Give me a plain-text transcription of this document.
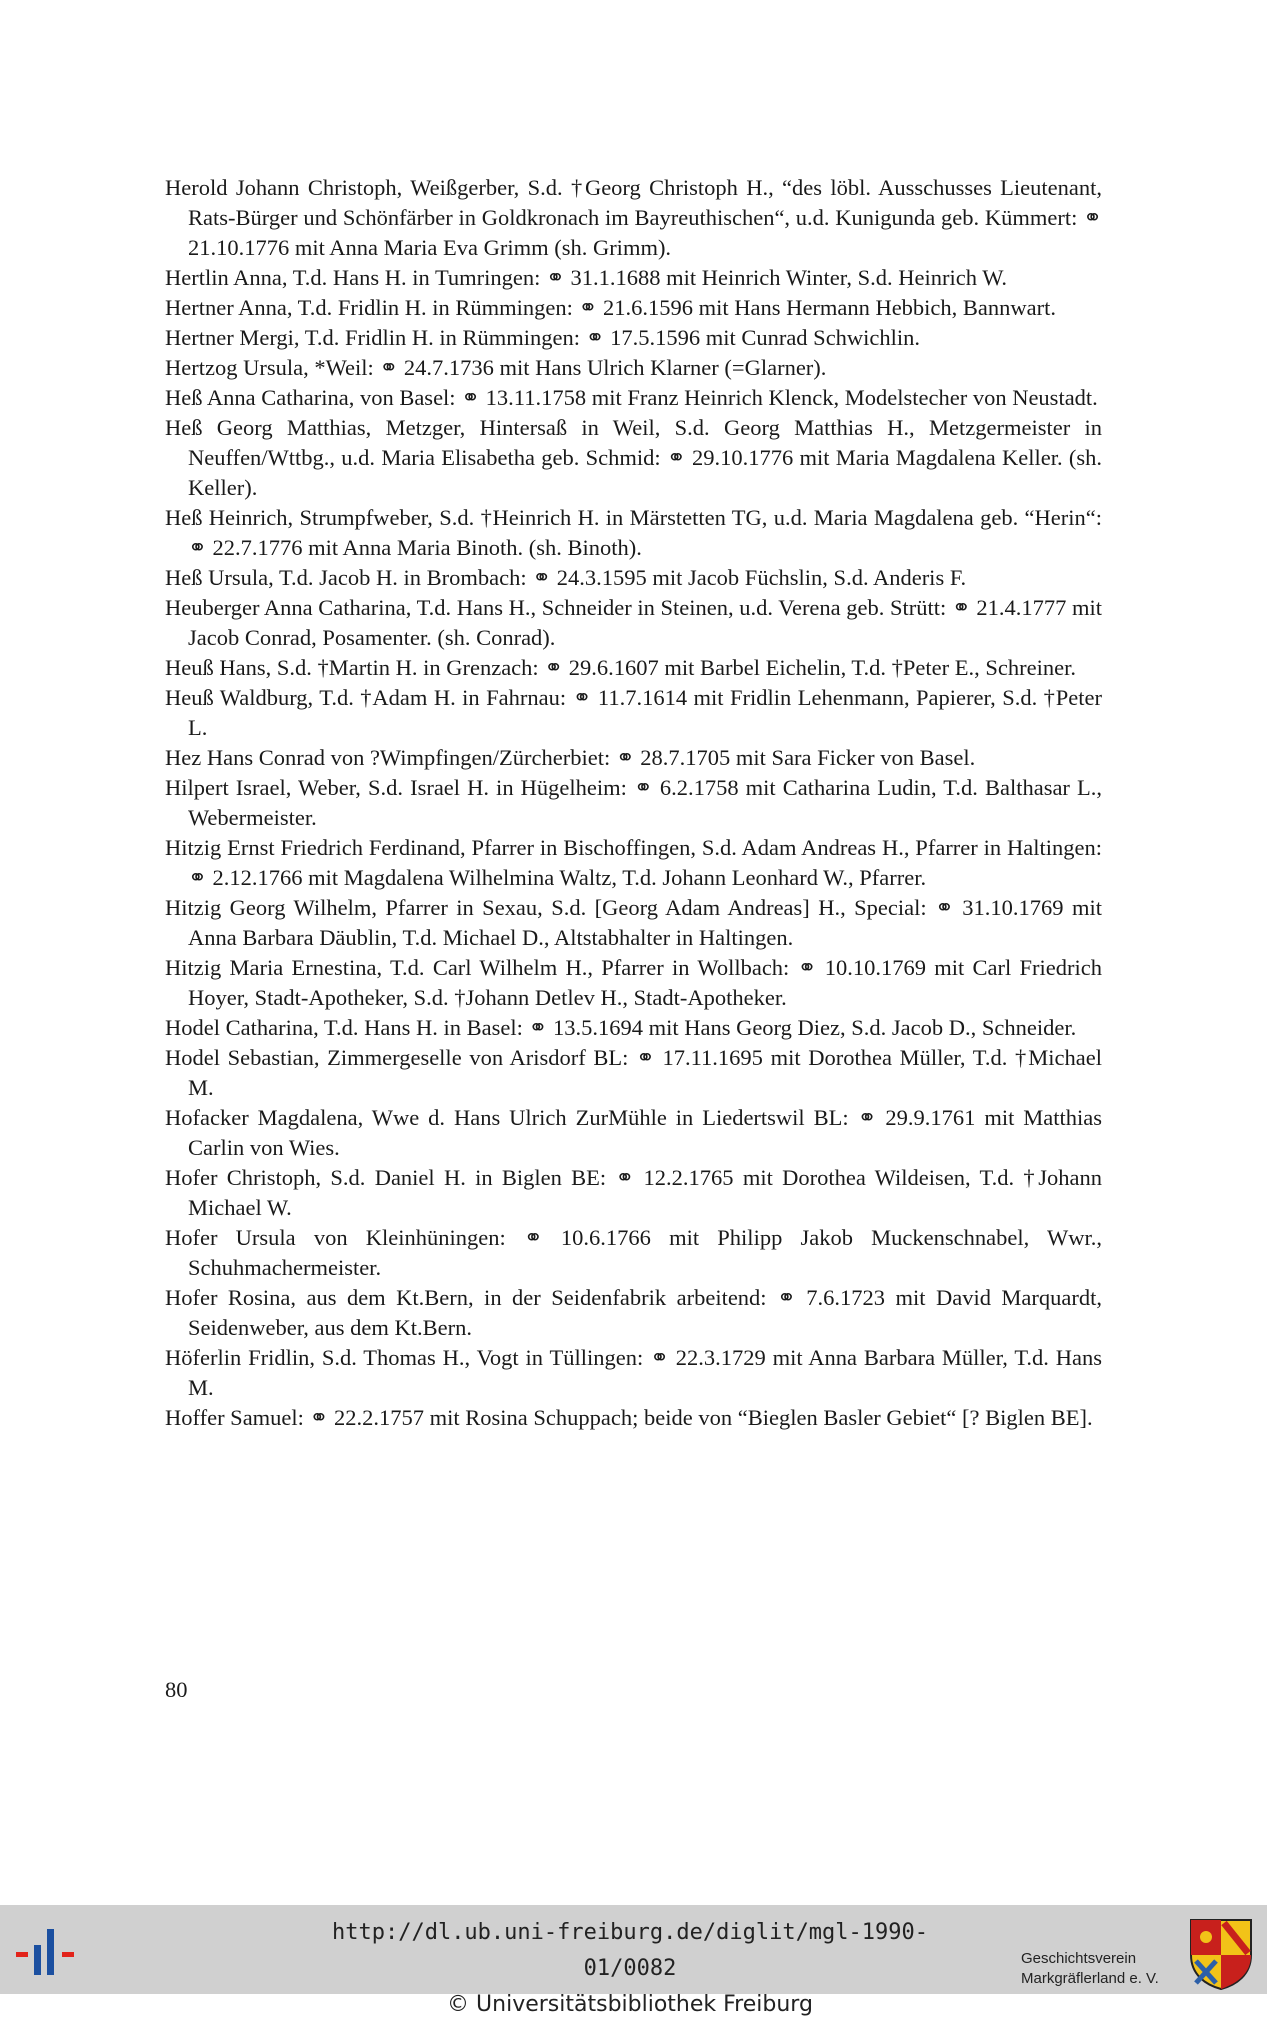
Herold Johann Christoph, Weißgerber, S.d. †Georg Christoph H., “des löbl. Ausschusses Lieutenant, Rats-Bürger und Schönfärber in Goldkronach im Bayreuthischen“, u.d. Kunigunda geb. Kümmert: ⚭ 21.10.1776 mit Anna Maria Eva Grimm (sh. Grimm).

Hertlin Anna, T.d. Hans H. in Tumringen: ⚭ 31.1.1688 mit Heinrich Winter, S.d. Heinrich W.

Hertner Anna, T.d. Fridlin H. in Rümmingen: ⚭ 21.6.1596 mit Hans Hermann Hebbich, Bannwart.

Hertner Mergi, T.d. Fridlin H. in Rümmingen: ⚭ 17.5.1596 mit Cunrad Schwichlin.

Hertzog Ursula, *Weil: ⚭ 24.7.1736 mit Hans Ulrich Klarner (=Glarner).

Heß Anna Catharina, von Basel: ⚭ 13.11.1758 mit Franz Heinrich Klenck, Modelstecher von Neustadt.

Heß Georg Matthias, Metzger, Hintersaß in Weil, S.d. Georg Matthias H., Metzgermeister in Neuffen/Wttbg., u.d. Maria Elisabetha geb. Schmid: ⚭ 29.10.1776 mit Maria Magdalena Keller. (sh. Keller).

Heß Heinrich, Strumpfweber, S.d. †Heinrich H. in Märstetten TG, u.d. Maria Magdalena geb. “Herin“: ⚭ 22.7.1776 mit Anna Maria Binoth. (sh. Binoth).

Heß Ursula, T.d. Jacob H. in Brombach: ⚭ 24.3.1595 mit Jacob Füchslin, S.d. Anderis F.

Heuberger Anna Catharina, T.d. Hans H., Schneider in Steinen, u.d. Verena geb. Strütt: ⚭ 21.4.1777 mit Jacob Conrad, Posamenter. (sh. Conrad).

Heuß Hans, S.d. †Martin H. in Grenzach: ⚭ 29.6.1607 mit Barbel Eichelin, T.d. †Peter E., Schreiner.

Heuß Waldburg, T.d. †Adam H. in Fahrnau: ⚭ 11.7.1614 mit Fridlin Lehenmann, Papierer, S.d. †Peter L.

Hez Hans Conrad von ?Wimpfingen/Zürcherbiet: ⚭ 28.7.1705 mit Sara Ficker von Basel.

Hilpert Israel, Weber, S.d. Israel H. in Hügelheim: ⚭ 6.2.1758 mit Catharina Ludin, T.d. Balthasar L., Webermeister.

Hitzig Ernst Friedrich Ferdinand, Pfarrer in Bischoffingen, S.d. Adam Andreas H., Pfarrer in Haltingen: ⚭ 2.12.1766 mit Magdalena Wilhelmina Waltz, T.d. Johann Leonhard W., Pfarrer.

Hitzig Georg Wilhelm, Pfarrer in Sexau, S.d. [Georg Adam Andreas] H., Special: ⚭ 31.10.1769 mit Anna Barbara Däublin, T.d. Michael D., Altstabhalter in Haltingen.

Hitzig Maria Ernestina, T.d. Carl Wilhelm H., Pfarrer in Wollbach: ⚭ 10.10.1769 mit Carl Friedrich Hoyer, Stadt-Apotheker, S.d. †Johann Detlev H., Stadt-Apotheker.

Hodel Catharina, T.d. Hans H. in Basel: ⚭ 13.5.1694 mit Hans Georg Diez, S.d. Jacob D., Schneider.

Hodel Sebastian, Zimmergeselle von Arisdorf BL: ⚭ 17.11.1695 mit Dorothea Müller, T.d. †Michael M.

Hofacker Magdalena, Wwe d. Hans Ulrich ZurMühle in Liedertswil BL: ⚭ 29.9.1761 mit Matthias Carlin von Wies.

Hofer Christoph, S.d. Daniel H. in Biglen BE: ⚭ 12.2.1765 mit Dorothea Wildeisen, T.d. †Johann Michael W.

Hofer Ursula von Kleinhüningen: ⚭ 10.6.1766 mit Philipp Jakob Muckenschnabel, Wwr., Schuhmachermeister.

Hofer Rosina, aus dem Kt.Bern, in der Seidenfabrik arbeitend: ⚭ 7.6.1723 mit David Marquardt, Seidenweber, aus dem Kt.Bern.

Höferlin Fridlin, S.d. Thomas H., Vogt in Tüllingen: ⚭ 22.3.1729 mit Anna Barbara Müller, T.d. Hans M.

Hoffer Samuel: ⚭ 22.2.1757 mit Rosina Schuppach; beide von “Bieglen Basler Gebiet“ [? Biglen BE].

80
http://dl.ub.uni-freiburg.de/diglit/mgl-1990-01/0082
© Universitätsbibliothek Freiburg
Geschichtsverein
Markgräflerland e. V.
